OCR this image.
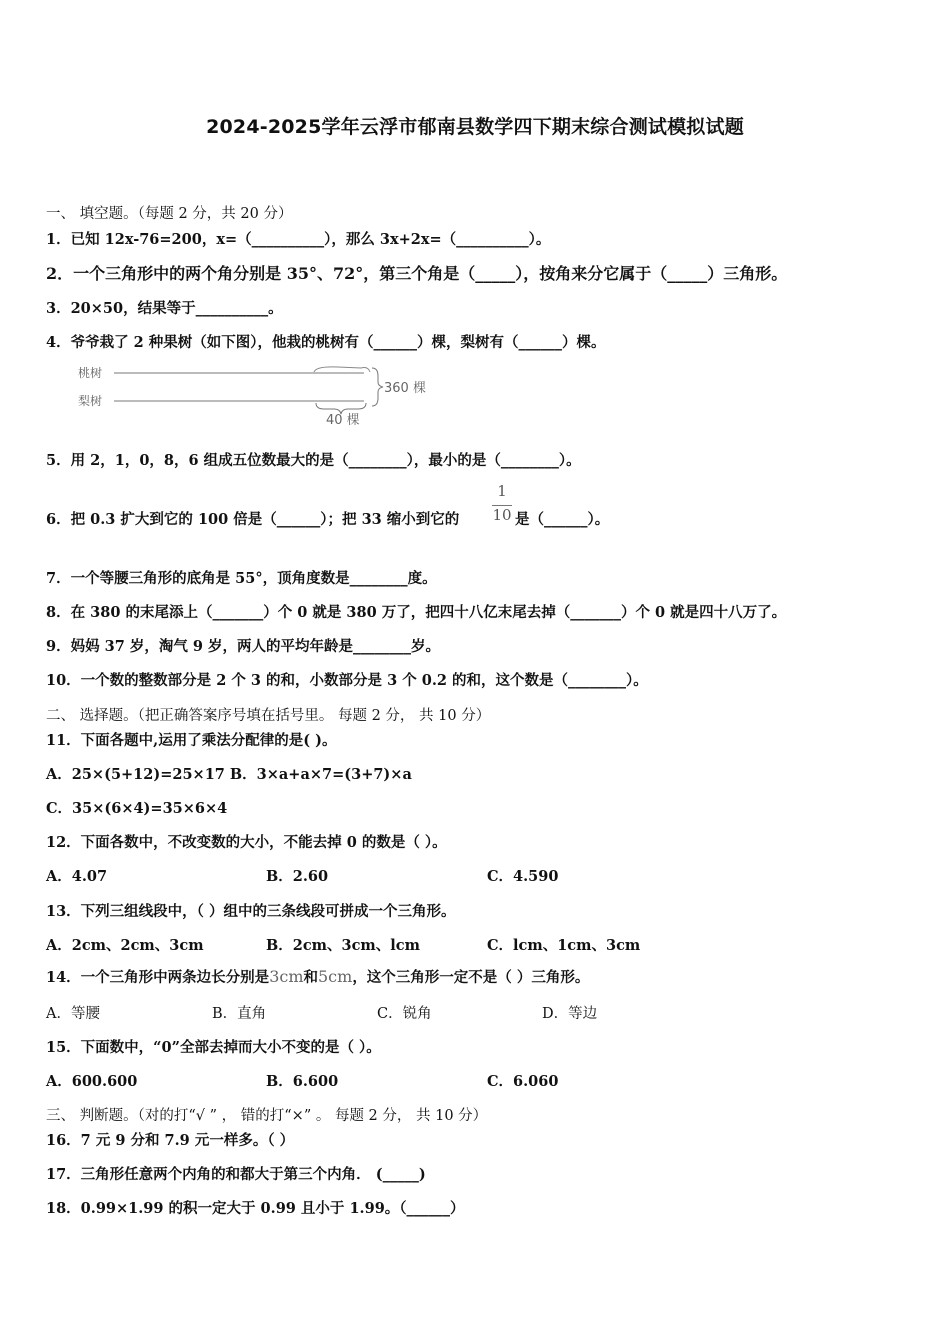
2024-2025学年云浮市郁南县数学四下期末综合测试模拟试题
一、 填空题。（每题 2 分，共 20 分）
1．已知 12x-76=200，x=（__________），那么 3x+2x=（__________）。
2．一个三角形中的两个角分别是 35°、72°，第三个角是（_____），按角来分它属于（_____）三角形。
3．20×50，结果等于__________。
4．爷爷栽了 2 种果树（如下图），他栽的桃树有（______）棵，梨树有（______）棵。
桃树
梨树
360 棵
40 棵
5．用 2，1，0，8，6 组成五位数最大的是（________），最小的是（________）。
6．把 0.3 扩大到它的 100 倍是（______）；把 33 缩小到它的
1
10 是（______）。
7．一个等腰三角形的底角是 55°，顶角度数是________度。
8．在 380 的末尾添上（_______）个 0 就是 380 万了，把四十八亿末尾去掉（_______）个 0 就是四十八万了。
9．妈妈 37 岁，淘气 9 岁，两人的平均年龄是________岁。
10．一个数的整数部分是 2 个 3 的和，小数部分是 3 个 0.2 的和，这个数是（________）。
二、 选择题。（把正确答案序号填在括号里。 每题 2 分， 共 10 分）
11．下面各题中,运用了乘法分配律的是( )。
A．25×(5+12)=25×17 B．3×a+a×7=(3+7)×a
C．35×(6×4)=35×6×4
12．下面各数中，不改变数的大小，不能去掉 0 的数是（ ）。
A．4.07	B．2.60	C．4.590
13．下列三组线段中，（ ）组中的三条线段可拼成一个三角形。
A．2cm、2cm、3cm	B．2cm、3cm、lcm	C．lcm、1cm、3cm
14．一个三角形中两条边长分别是3cm和5cm，这个三角形一定不是（ ）三角形。
A．等腰	B．直角	C．锐角	D．等边
15．下面数中，“0”全部去掉而大小不变的是（ ）。
A．600.600	B．6.600	C．6.060
三、 判断题。（对的打“√ ” ， 错的打“×” 。 每题 2 分， 共 10 分）
16．7 元 9 分和 7.9 元一样多。（ ）
17．三角形任意两个内角的和都大于第三个内角． (_____)
18．0.99×1.99 的积一定大于 0.99 且小于 1.99。（______）
